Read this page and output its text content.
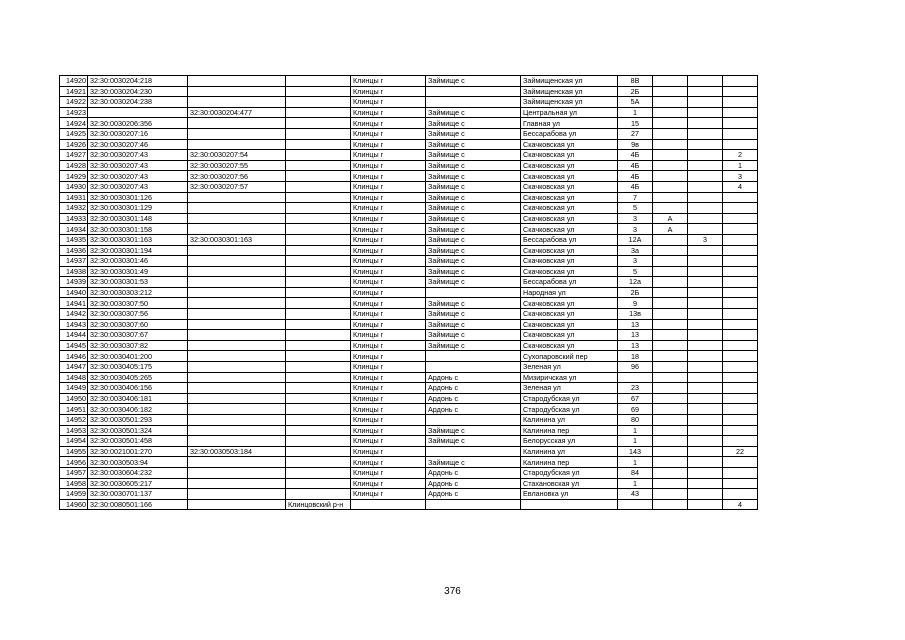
14920	32:30:0030204:218			Клинцы г	Займище с	Займищенская ул	8В			
14921	32:30:0030204:230			Клинцы г		Займищенская ул	2Б			
14922	32:30:0030204:238			Клинцы г		Займищенская ул	5А			
14923		32:30:0030204:477		Клинцы г	Займище с	Центральная ул	1			
14924	32:30:0030206:356			Клинцы г	Займище с	Главная ул	15			
14925	32:30:0030207:16			Клинцы г	Займище с	Бессарабова ул	27			
14926	32:30:0030207:46			Клинцы г	Займище с	Скачковская ул	9в			
14927	32:30:0030207:43	32:30:0030207:54		Клинцы г	Займище с	Скачковская ул	4Б			2
14928	32:30:0030207:43	32:30:0030207:55		Клинцы г	Займище с	Скачковская ул	4Б			1
14929	32:30:0030207:43	32:30:0030207:56		Клинцы г	Займище с	Скачковская ул	4Б			3
14930	32:30:0030207:43	32:30:0030207:57		Клинцы г	Займище с	Скачковская ул	4Б			4
14931	32:30:0030301:126			Клинцы г	Займище с	Скачковская ул	7			
14932	32:30:0030301:129			Клинцы г	Займище с	Скачковская ул	5			
14933	32:30:0030301:148			Клинцы г	Займище с	Скачковская ул	3	А		
14934	32:30:0030301:158			Клинцы г	Займище с	Скачковская ул	3	А		
14935	32:30:0030301:163	32:30:0030301:163		Клинцы г	Займище с	Бессарабова ул	12А		3	
14936	32:30:0030301:194			Клинцы г	Займище с	Скачковская ул	3а			
14937	32:30:0030301:46			Клинцы г	Займище с	Скачковская ул	3			
14938	32:30:0030301:49			Клинцы г	Займище с	Скачковская ул	5			
14939	32:30:0030301:53			Клинцы г	Займище с	Бессарабова ул	12а			
14940	32:30:0030303:212			Клинцы г		Народная ул	2Б			
14941	32:30:0030307:50			Клинцы г	Займище с	Скачковская ул	9			
14942	32:30:0030307:56			Клинцы г	Займище с	Скачковская ул	13в			
14943	32:30:0030307:60			Клинцы г	Займище с	Скачковская ул	13			
14944	32:30:0030307:67			Клинцы г	Займище с	Скачковская ул	13			
14945	32:30:0030307:82			Клинцы г	Займище с	Скачковская ул	13			
14946	32:30:0030401:200			Клинцы г		Сухопаровский пер	18			
14947	32:30:0030405:175			Клинцы г		Зеленая ул	96			
14948	32:30:0030405:265			Клинцы г	Ардонь с	Мизиричская ул				
14949	32:30:0030406:156			Клинцы г	Ардонь с	Зеленая ул	23			
14950	32:30:0030406:181			Клинцы г	Ардонь с	Стародубская ул	67			
14951	32:30:0030406:182			Клинцы г	Ардонь с	Стародубская ул	69			
14952	32:30:0030501:293			Клинцы г		Калинина ул	80			
14953	32:30:0030501:324			Клинцы г	Займище с	Калинина пер	1			
14954	32:30:0030501:458			Клинцы г	Займище с	Белорусская ул	1			
14955	32:30:0021001:270	32:30:0030503:184		Клинцы г		Калинина ул	143			22
14956	32:30:0030503:94			Клинцы г	Займище с	Калинина пер	1			
14957	32:30:0030604:232			Клинцы г	Ардонь с	Стародубская ул	84			
14958	32:30:0030605:217			Клинцы г	Ардонь с	Стахановская ул	1			
14959	32:30:0030701:137			Клинцы г	Ардонь с	Евлановка ул	43			
14960	32:30:0080501:166		Клинцовский р-н							4
376
